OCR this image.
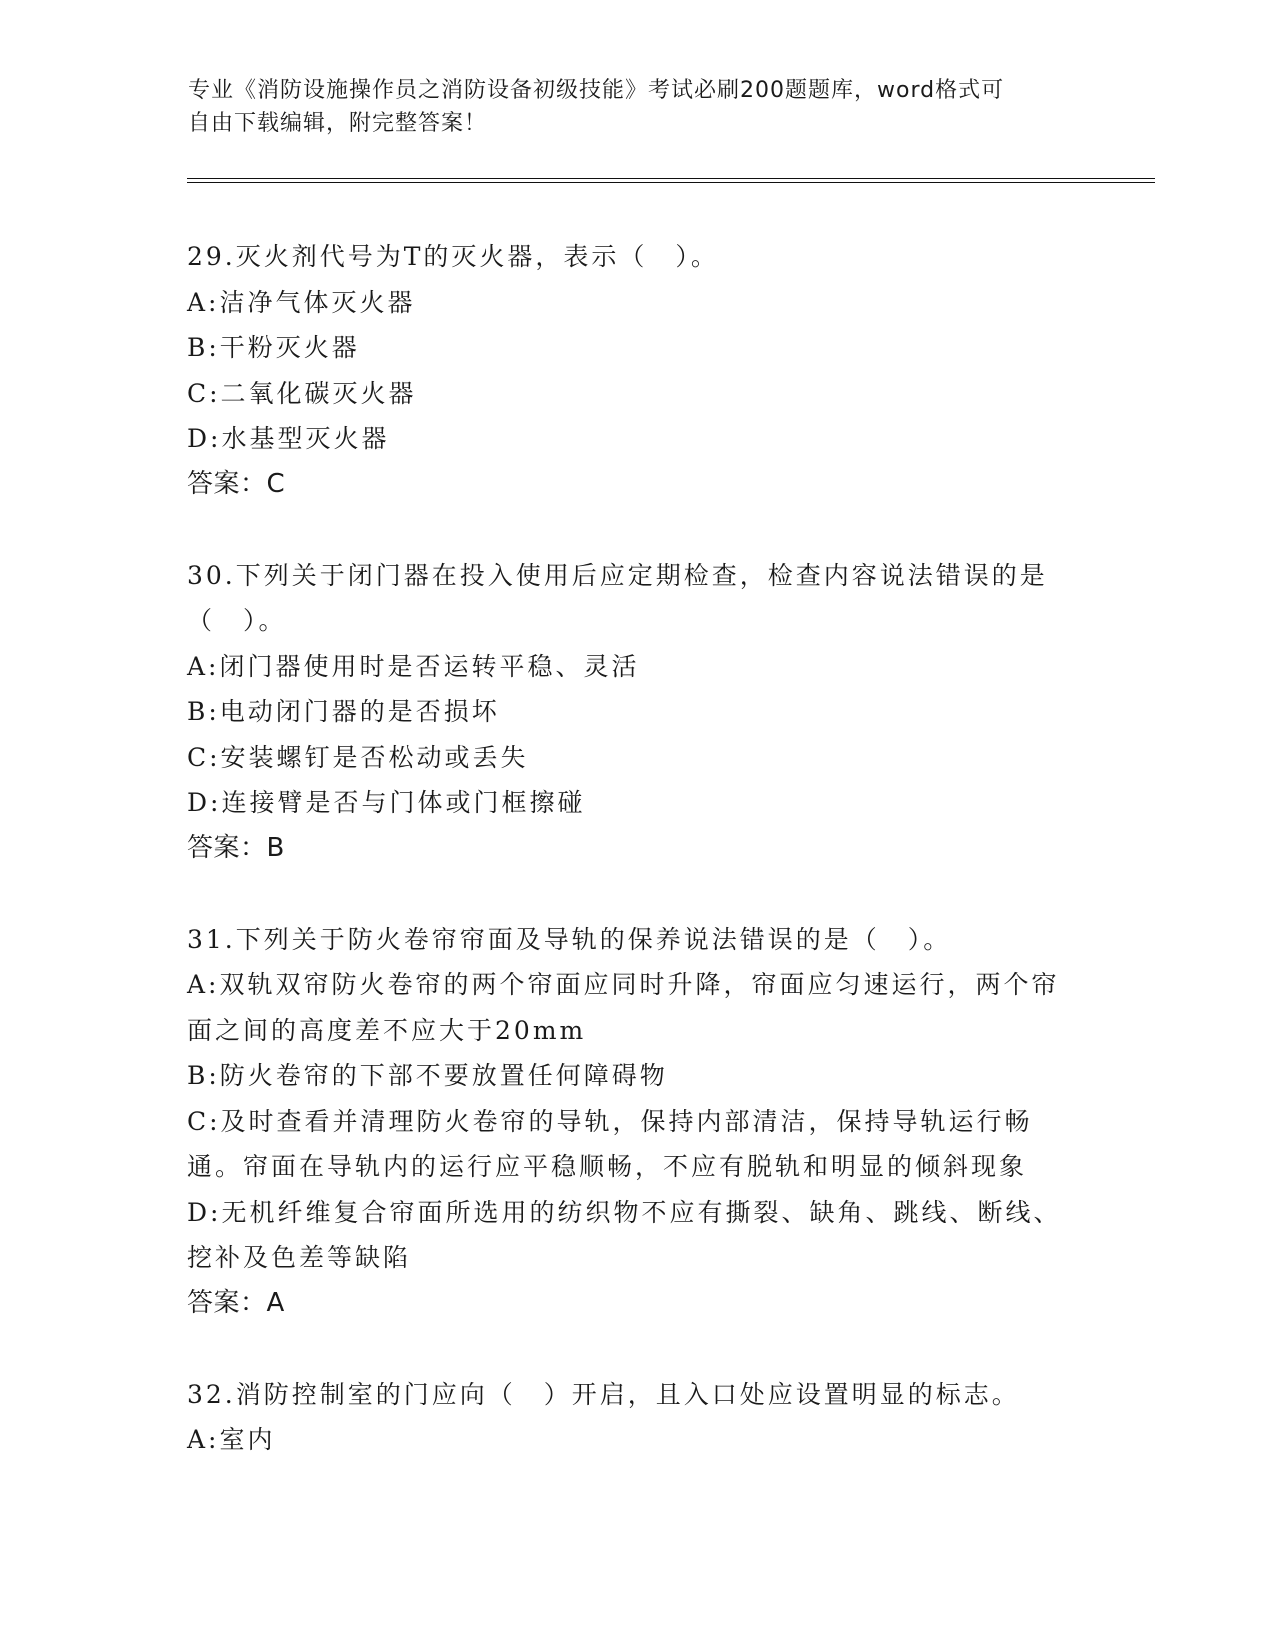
专业《消防设施操作员之消防设备初级技能》考试必刷200题题库，word格式可
自由下载编辑，附完整答案！
29.灭火剂代号为T的灭火器，表示（　）。
A:洁净气体灭火器
B:干粉灭火器
C:二氧化碳灭火器
D:水基型灭火器
答案：C
30.下列关于闭门器在投入使用后应定期检查，检查内容说法错误的是（　）。
A:闭门器使用时是否运转平稳、灵活
B:电动闭门器的是否损坏
C:安装螺钉是否松动或丢失
D:连接臂是否与门体或门框擦碰
答案：B
31.下列关于防火卷帘帘面及导轨的保养说法错误的是（　）。
A:双轨双帘防火卷帘的两个帘面应同时升降，帘面应匀速运行，两个帘面之间的高度差不应大于20mm
B:防火卷帘的下部不要放置任何障碍物
C:及时查看并清理防火卷帘的导轨，保持内部清洁，保持导轨运行畅通。帘面在导轨内的运行应平稳顺畅，不应有脱轨和明显的倾斜现象
D:无机纤维复合帘面所选用的纺织物不应有撕裂、缺角、跳线、断线、挖补及色差等缺陷
答案：A
32.消防控制室的门应向（　）开启，且入口处应设置明显的标志。
A:室内
